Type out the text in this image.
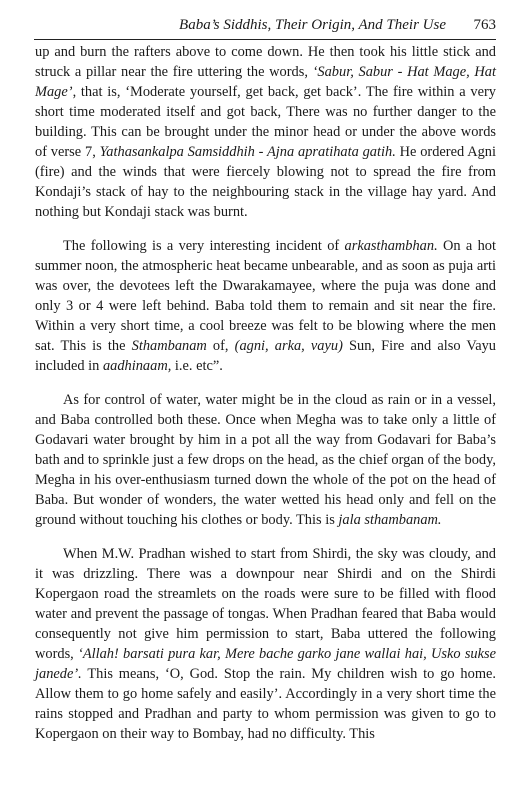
Baba’s Siddhis, Their Origin, And Their Use 763

up and burn the rafters above to come down. He then took his little stick and struck a pillar near the fire uttering the words, ‘Sabur, Sabur - Hat Mage, Hat Mage’, that is, ‘Moderate yourself, get back, get back’. The fire within a very short time moderated itself and got back, There was no further danger to the building. This can be brought under the minor head or under the above words of verse 7, Yathasankalpa Samsiddhih - Ajna apratihata gatih. He ordered Agni (fire) and the winds that were fiercely blowing not to spread the fire from Kondaji’s stack of hay to the neighbouring stack in the village hay yard. And nothing but Kondaji stack was burnt.

The following is a very interesting incident of arkasthambhan. On a hot summer noon, the atmospheric heat became unbearable, and as soon as puja arti was over, the devotees left the Dwarakamayee, where the puja was done and only 3 or 4 were left behind. Baba told them to remain and sit near the fire. Within a very short time, a cool breeze was felt to be blowing where the men sat. This is the Sthambanam of, (agni, arka, vayu) Sun, Fire and also Vayu included in aadhinaam, i.e. etc”.

As for control of water, water might be in the cloud as rain or in a vessel, and Baba controlled both these. Once when Megha was to take only a little of Godavari water brought by him in a pot all the way from Godavari for Baba’s bath and to sprinkle just a few drops on the head, as the chief organ of the body, Megha in his over-enthusiasm turned down the whole of the pot on the head of Baba. But wonder of wonders, the water wetted his head only and fell on the ground without touching his clothes or body. This is jala sthambanam.

When M.W. Pradhan wished to start from Shirdi, the sky was cloudy, and it was drizzling. There was a downpour near Shirdi and on the Shirdi Kopergaon road the streamlets on the roads were sure to be filled with flood water and prevent the passage of tongas. When Pradhan feared that Baba would consequently not give him permission to start, Baba uttered the following words, ‘Allah! barsati pura kar, Mere bache garko jane wallai hai, Usko sukse janede’. This means, ‘O, God. Stop the rain. My children wish to go home. Allow them to go home safely and easily’. Accordingly in a very short time the rains stopped and Pradhan and party to whom permission was given to go to Kopergaon on their way to Bombay, had no difficulty. This
